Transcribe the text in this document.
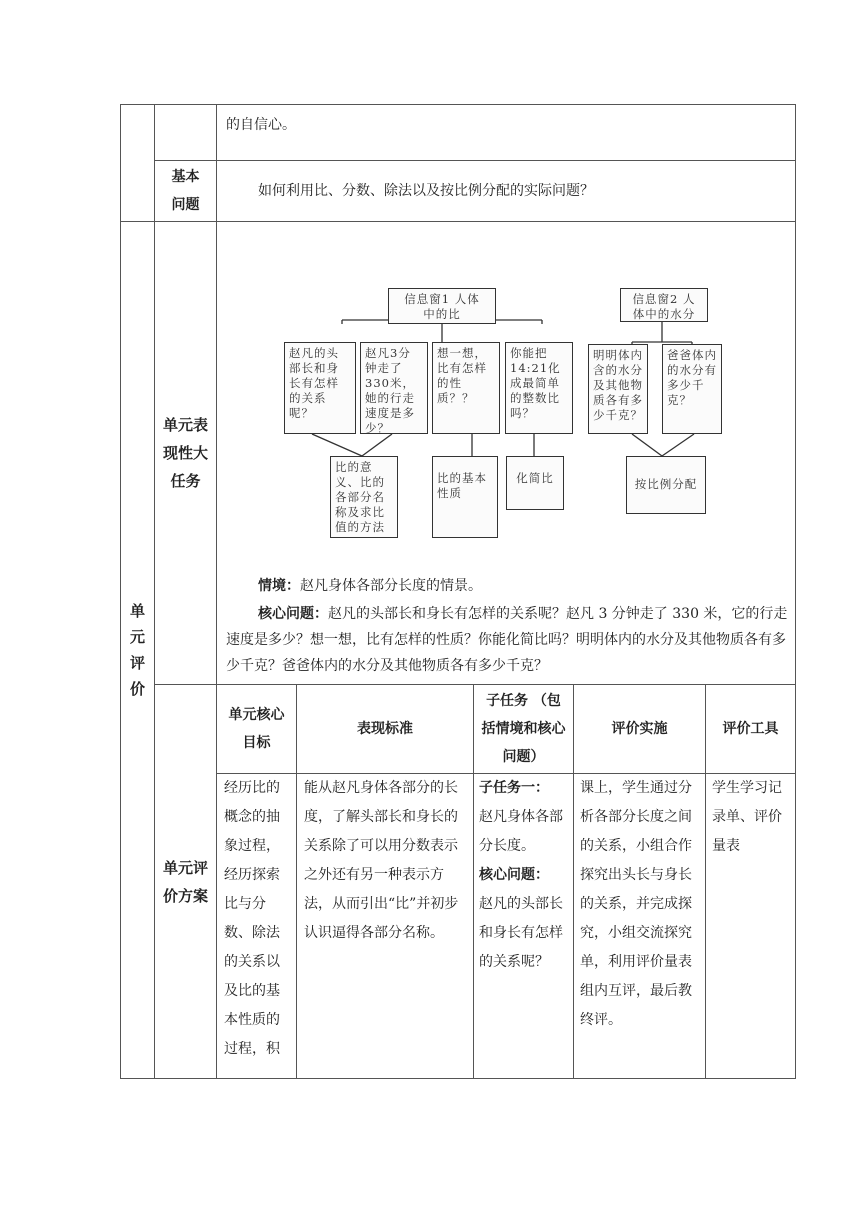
的自信心。
基本问题
如何利用比、分数、除法以及按比例分配的实际问题？
单元评价
单元表现性大任务
信息窗1 人体中的比
信息窗2 人体中的水分
赵凡的头部长和身长有怎样的关系呢？
赵凡3分钟走了330米，她的行走速度是多少？
想一想，比有怎样的性质？？
你能把14:21化成最简单的整数比吗？
明明体内含的水分及其他物质各有多少千克？
爸爸体内的水分有多少千克？
比的意义、比的各部分名称及求比值的方法
比的基本性质
化简比	按比例分配
情境：赵凡身体各部分长度的情景。
核心问题：赵凡的头部长和身长有怎样的关系呢？赵凡 3 分钟走了 330 米，它的行走速度是多少？想一想，比有怎样的性质？你能化简比吗？明明体内的水分及其他物质各有多少千克？爸爸体内的水分及其他物质各有多少千克？
单元评价方案
单元核心目标
表现标准
子任务 （包括情境和核心问题）
评价实施	评价工具
经历比的概念的抽象过程，经历探索比与分数、除法的关系以及比的基本性质的过程，积
能从赵凡身体各部分的长度，了解头部长和身长的关系除了可以用分数表示之外还有另一种表示方法，从而引出“比”并初步认识逼得各部分名称。
子任务一：
赵凡身体各部分长度。
核心问题：
赵凡的头部长和身长有怎样的关系呢？
课上，学生通过分析各部分长度之间的关系，小组合作探究出头长与身长的关系，并完成探究，小组交流探究单，利用评价量表组内互评，最后教终评。
学生学习记录单、评价量表
